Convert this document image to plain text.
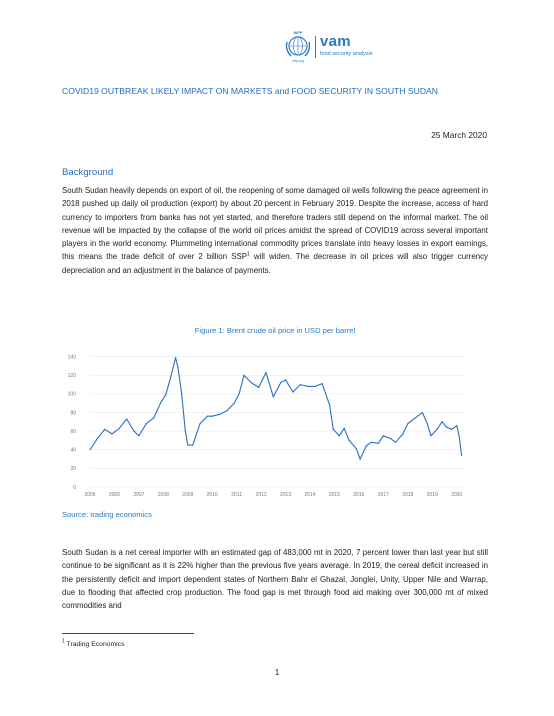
WFP
wfp.org
vam
food security analysis
COVID19 OUTBREAK LIKELY IMPACT ON MARKETS and FOOD SECURITY IN SOUTH SUDAN
25 March 2020
Background

South Sudan heavily depends on export of oil, the reopening of some damaged oil wells following the peace agreement in 2018 pushed up daily oil production (export) by about 20 percent in February 2019. Despite the increase, access of hard currency to importers from banks has not yet started, and therefore traders still depend on the informal market. The oil revenue will be impacted by the collapse of the world oil prices amidst the spread of COVID19 across several important players in the world economy. Plummeting international commodity prices translate into heavy losses in export earnings, this means the trade deficit of over 2 billion SSP$^1$ will widen. The decrease in oil prices will also trigger currency depreciation and an adjustment in the balance of payments.

Figure 1: Brent crude oil price in USD per barrel
0
20
40
60
80
100
120
140
2005	2006	2007	2008	2009	2010	2011	2012	2013	2014	2015	2016	2017	2018	2019	2020
Source: trading economics

South Sudan is a net cereal importer with an estimated gap of 483,000 mt in 2020, 7 percent lower than last year but still continue to be significant as it is 22% higher than the previous five years average. In 2019, the cereal deficit increased in the persistently deficit and import dependent states of Northern Bahr el Ghazal, Jonglei, Unity, Upper Nile and Warrap, due to flooding that affected crop production. The food gap is met through food aid making over 300,000 mt of mixed commodities and

$^1$ Trading Economics
1
